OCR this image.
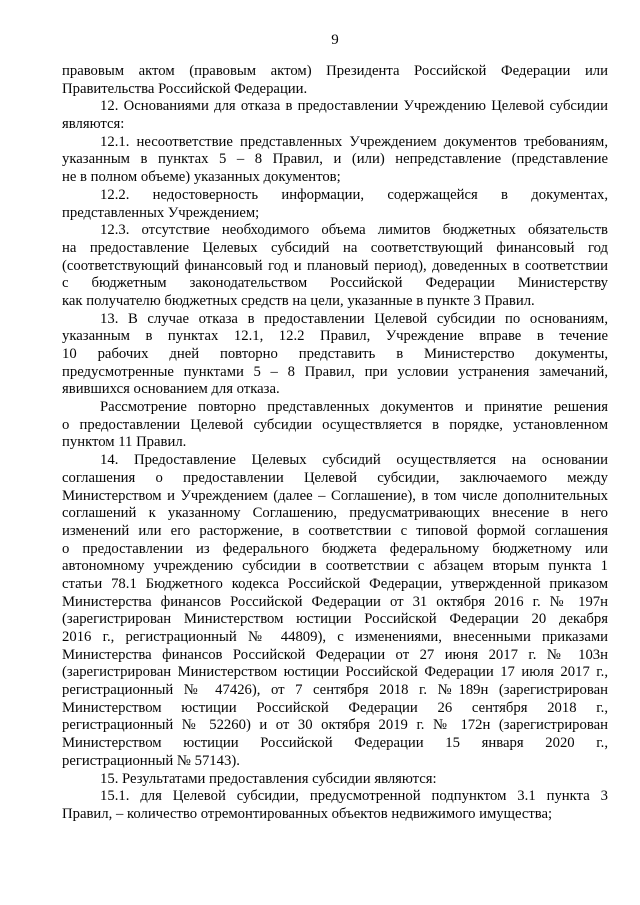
9
правовым актом (правовым актом) Президента Российской Федерации или
Правительства Российской Федерации.
12. Основаниями для отказа в предоставлении Учреждению Целевой субсидии
являются:
12.1. несоответствие представленных Учреждением документов требованиям,
указанным в пунктах 5 – 8 Правил, и (или) непредставление (представление
не в полном объеме) указанных документов;
12.2. недостоверность информации, содержащейся в документах,
представленных Учреждением;
12.3. отсутствие необходимого объема лимитов бюджетных обязательств
на предоставление Целевых субсидий на соответствующий финансовый год
(соответствующий финансовый год и плановый период), доведенных в соответствии
с бюджетным законодательством Российской Федерации Министерству
как получателю бюджетных средств на цели, указанные в пункте 3 Правил.
13. В случае отказа в предоставлении Целевой субсидии по основаниям,
указанным в пунктах 12.1, 12.2 Правил, Учреждение вправе в течение
10 рабочих дней повторно представить в Министерство документы,
предусмотренные пунктами 5 – 8 Правил, при условии устранения замечаний,
явившихся основанием для отказа.
Рассмотрение повторно представленных документов и принятие решения
о предоставлении Целевой субсидии осуществляется в порядке, установленном
пунктом 11 Правил.
14. Предоставление Целевых субсидий осуществляется на основании
соглашения о предоставлении Целевой субсидии, заключаемого между
Министерством и Учреждением (далее – Соглашение), в том числе дополнительных
соглашений к указанному Соглашению, предусматривающих внесение в него
изменений или его расторжение, в соответствии с типовой формой соглашения
о предоставлении из федерального бюджета федеральному бюджетному или
автономному учреждению субсидии в соответствии с абзацем вторым пункта 1
статьи 78.1 Бюджетного кодекса Российской Федерации, утвержденной приказом
Министерства финансов Российской Федерации от 31 октября 2016 г. № 197н
(зарегистрирован Министерством юстиции Российской Федерации 20 декабря
2016 г., регистрационный № 44809), с изменениями, внесенными приказами
Министерства финансов Российской Федерации от 27 июня 2017 г. № 103н
(зарегистрирован Министерством юстиции Российской Федерации 17 июля 2017 г.,
регистрационный № 47426), от 7 сентября 2018 г. №189н (зарегистрирован
Министерством юстиции Российской Федерации 26 сентября 2018 г.,
регистрационный № 52260) и от 30 октября 2019 г. № 172н (зарегистрирован
Министерством юстиции Российской Федерации 15 января 2020 г.,
регистрационный № 57143).
15. Результатами предоставления субсидии являются:
15.1. для Целевой субсидии, предусмотренной подпунктом 3.1 пункта 3
Правил, – количество отремонтированных объектов недвижимого имущества;
